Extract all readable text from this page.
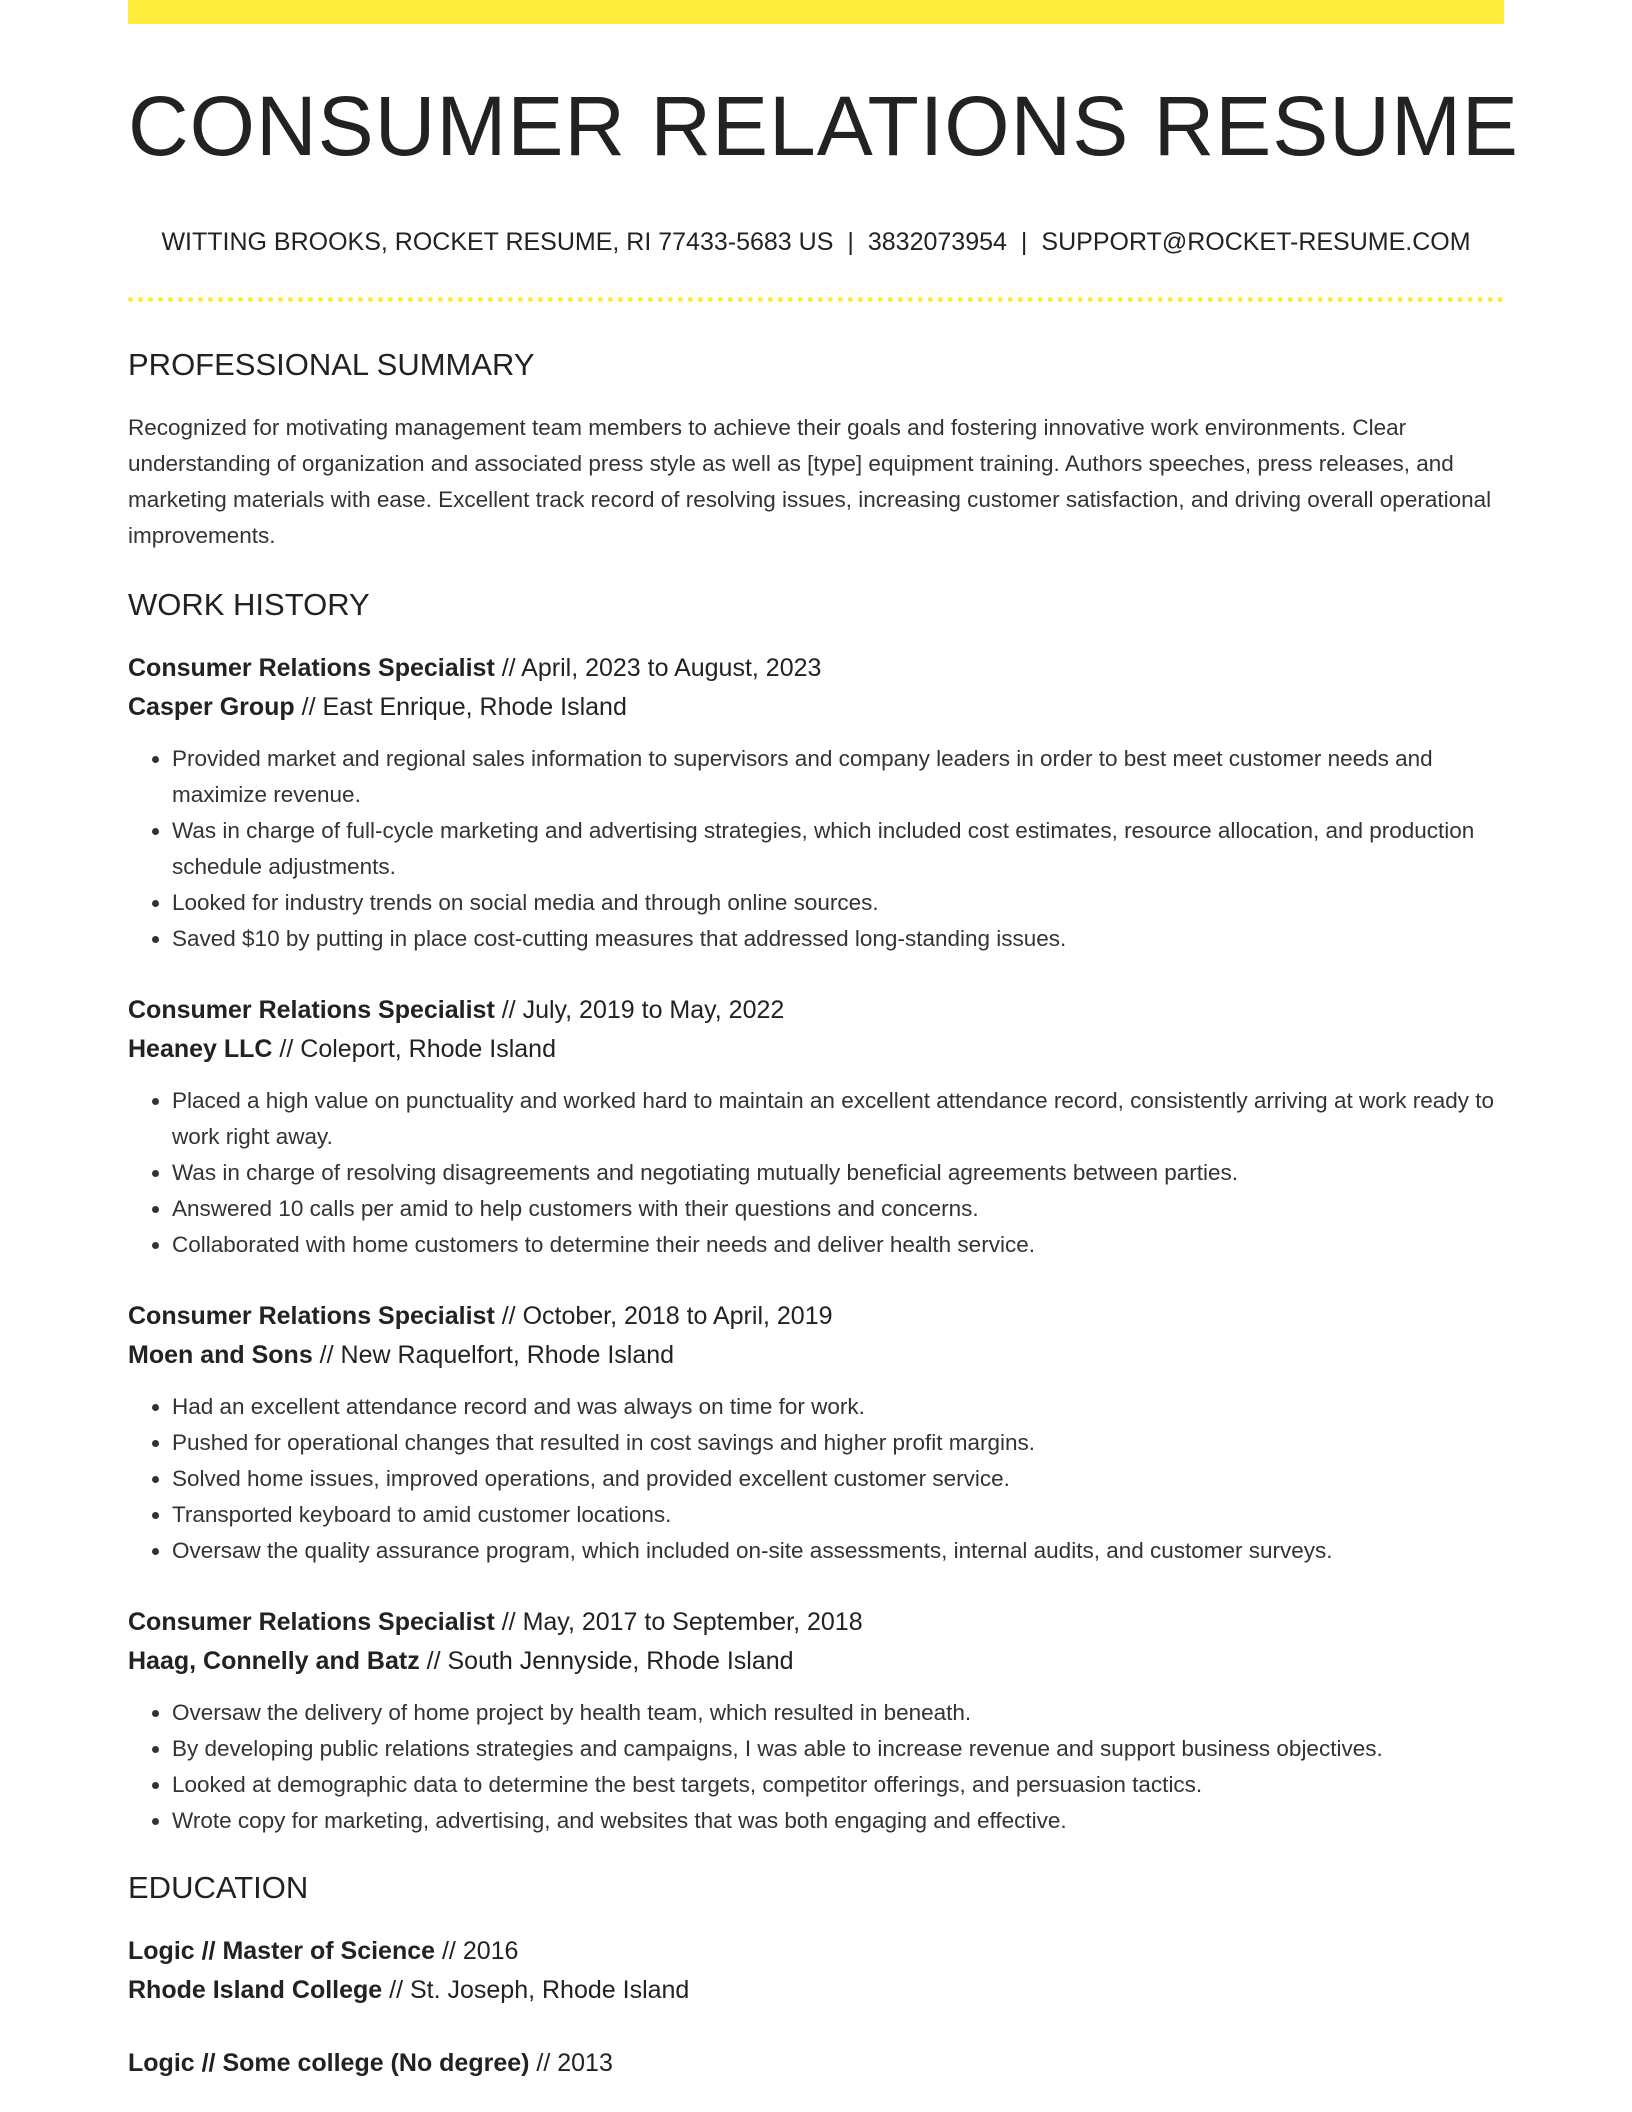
CONSUMER RELATIONS RESUME
WITTING BROOKS, ROCKET RESUME, RI 77433-5683 US | 3832073954 | SUPPORT@ROCKET-RESUME.COM
PROFESSIONAL SUMMARY

Recognized for motivating management team members to achieve their goals and fostering innovative work environments. Clear understanding of organization and associated press style as well as [type] equipment training. Authors speeches, press releases, and marketing materials with ease. Excellent track record of resolving issues, increasing customer satisfaction, and driving overall operational improvements.

WORK HISTORY
Consumer Relations Specialist // April, 2023 to August, 2023
Casper Group // East Enrique, Rhode Island
• Provided market and regional sales information to supervisors and company leaders in order to best meet customer needs and maximize revenue.
• Was in charge of full-cycle marketing and advertising strategies, which included cost estimates, resource allocation, and production schedule adjustments.
• Looked for industry trends on social media and through online sources.
• Saved $10 by putting in place cost-cutting measures that addressed long-standing issues.
Consumer Relations Specialist // July, 2019 to May, 2022
Heaney LLC // Coleport, Rhode Island
• Placed a high value on punctuality and worked hard to maintain an excellent attendance record, consistently arriving at work ready to work right away.
• Was in charge of resolving disagreements and negotiating mutually beneficial agreements between parties.
• Answered 10 calls per amid to help customers with their questions and concerns.
• Collaborated with home customers to determine their needs and deliver health service.
Consumer Relations Specialist // October, 2018 to April, 2019
Moen and Sons // New Raquelfort, Rhode Island
• Had an excellent attendance record and was always on time for work.
• Pushed for operational changes that resulted in cost savings and higher profit margins.
• Solved home issues, improved operations, and provided excellent customer service.
• Transported keyboard to amid customer locations.
• Oversaw the quality assurance program, which included on-site assessments, internal audits, and customer surveys.
Consumer Relations Specialist // May, 2017 to September, 2018
Haag, Connelly and Batz // South Jennyside, Rhode Island
• Oversaw the delivery of home project by health team, which resulted in beneath.
• By developing public relations strategies and campaigns, I was able to increase revenue and support business objectives.
• Looked at demographic data to determine the best targets, competitor offerings, and persuasion tactics.
• Wrote copy for marketing, advertising, and websites that was both engaging and effective.
EDUCATION
Logic // Master of Science // 2016
Rhode Island College // St. Joseph, Rhode Island
Logic // Some college (No degree) // 2013
